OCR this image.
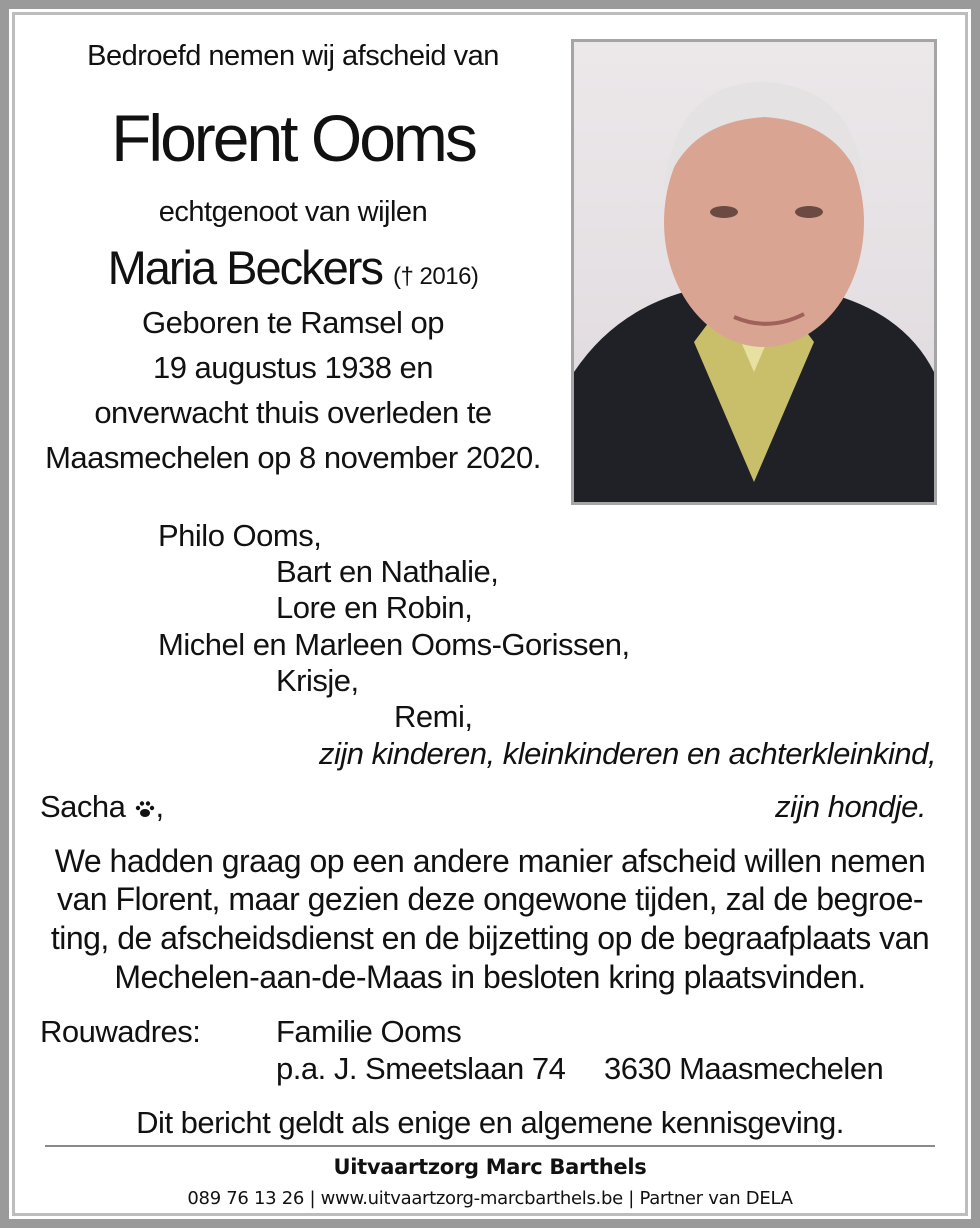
Bedroefd nemen wij afscheid van
Florent Ooms
echtgenoot van wijlen
Maria Beckers († 2016)
Geboren te Ramsel op
19 augustus 1938 en
onverwacht thuis overleden te
Maasmechelen op 8 november 2020.
Philo Ooms,
Bart en Nathalie,
Lore en Robin,
Michel en Marleen Ooms-Gorissen,
Krisje,
Remi,
zijn kinderen, kleinkinderen en achterkleinkind,
Sacha ,	zijn hondje.
We hadden graag op een andere manier afscheid willen nemen
van Florent, maar gezien deze ongewone tijden, zal de begroe-
ting, de afscheidsdienst en de bijzetting op de begraafplaats van
Mechelen-aan-de-Maas in besloten kring plaatsvinden.
Rouwadres: Familie Ooms
p.a. J. Smeetslaan 74 3630 Maasmechelen
Dit bericht geldt als enige en algemene kennisgeving.
Uitvaartzorg Marc Barthels
089 76 13 26 | www.uitvaartzorg-marcbarthels.be | Partner van DELA
